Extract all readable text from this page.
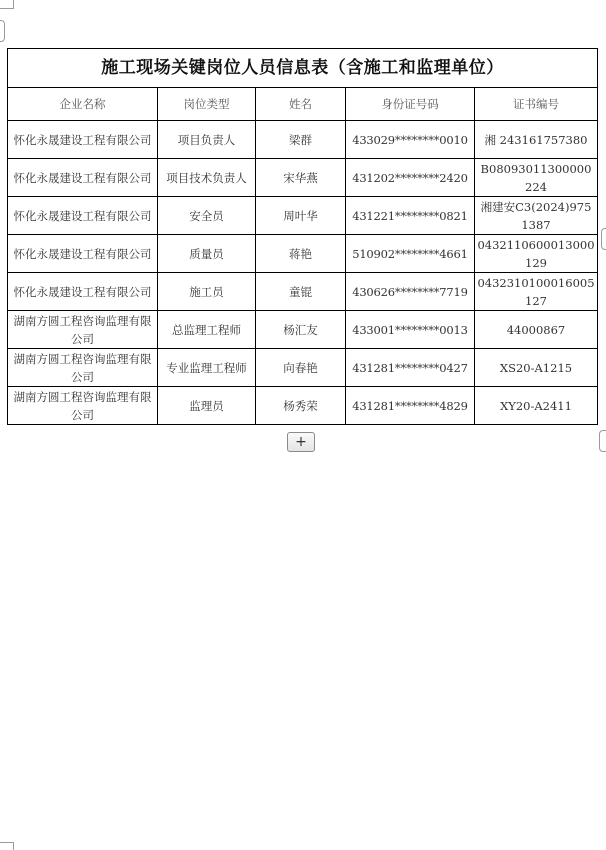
施工现场关键岗位人员信息表（含施工和监理单位）				
企业名称	岗位类型	姓名	身份证号码	证书编号
怀化永晟建设工程有限公司	项目负责人	梁群	433029********0010	湘 243161757380
怀化永晟建设工程有限公司	项目技术负责人	宋华燕	431202********2420	B08093011300000224
怀化永晟建设工程有限公司	安全员	周叶华	431221********0821	湘建安C3(2024)9751387
怀化永晟建设工程有限公司	质量员	蒋艳	510902********4661	0432110600013000129
怀化永晟建设工程有限公司	施工员	童锟	430626********7719	0432310100016005127
湖南方圆工程咨询监理有限公司	总监理工程师	杨汇友	433001********0013	44000867
湖南方圆工程咨询监理有限公司	专业监理工程师	向春艳	431281********0427	XS20-A1215
湖南方圆工程咨询监理有限公司	监理员	杨秀荣	431281********4829	XY20-A2411
+
